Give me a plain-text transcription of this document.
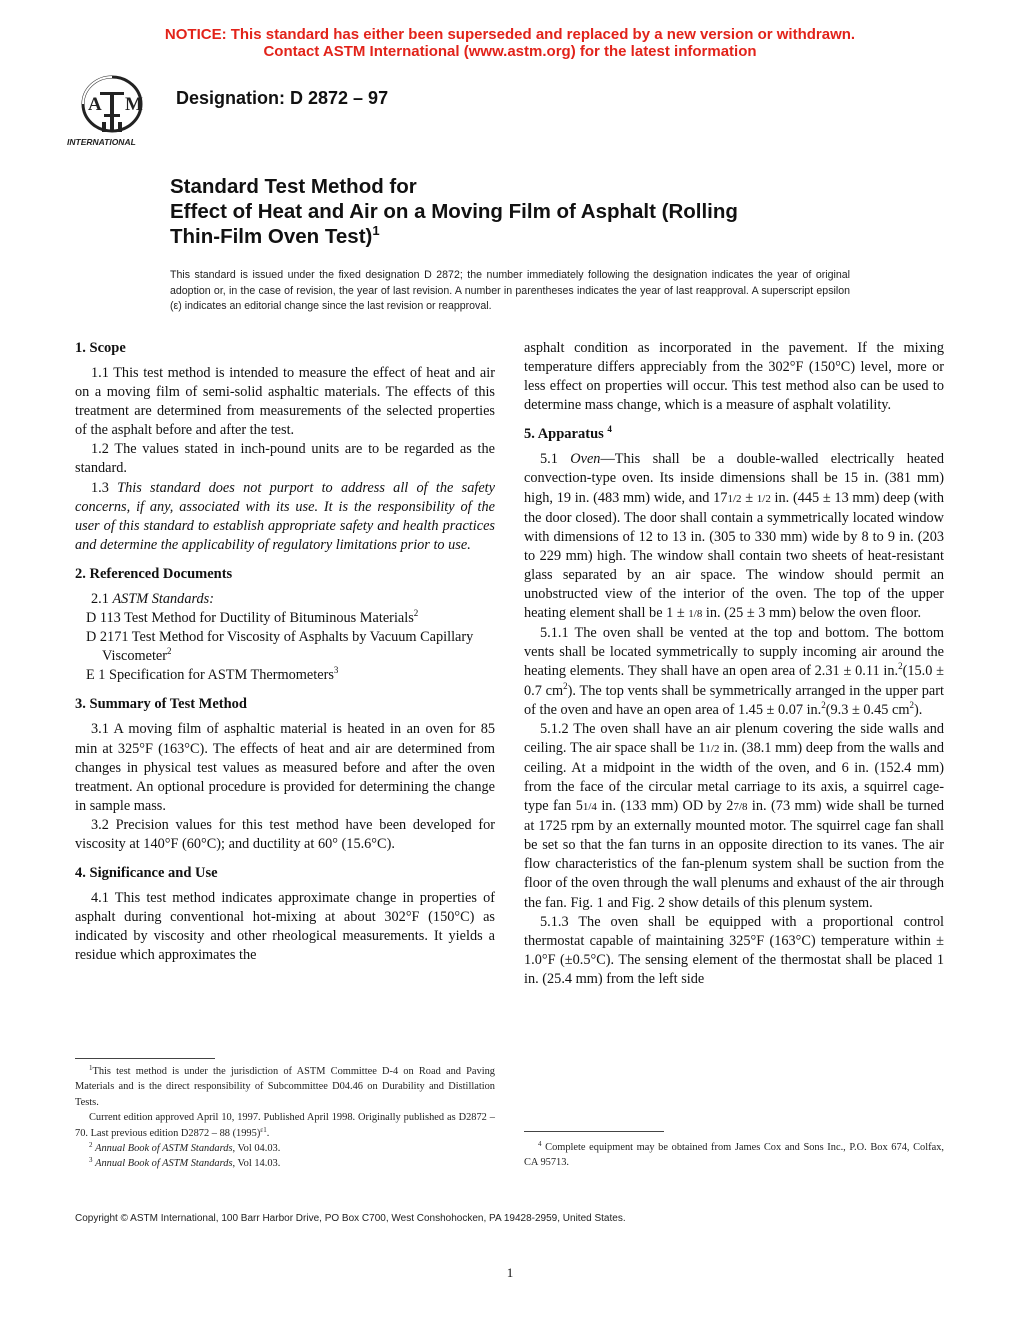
NOTICE: This standard has either been superseded and replaced by a new version or withdrawn.
Contact ASTM International (www.astm.org) for the latest information
A M
INTERNATIONAL
Designation: D 2872 – 97
Standard Test Method for
Effect of Heat and Air on a Moving Film of Asphalt (Rolling
Thin-Film Oven Test)$^1$
This standard is issued under the fixed designation D 2872; the number immediately following the designation indicates the year of original adoption or, in the case of revision, the year of last revision. A number in parentheses indicates the year of last reapproval. A superscript epsilon (ε) indicates an editorial change since the last revision or reapproval.
1. Scope

1.1 This test method is intended to measure the effect of heat and air on a moving film of semi-solid asphaltic materials. The effects of this treatment are determined from measurements of the selected properties of the asphalt before and after the test.

1.2 The values stated in inch-pound units are to be regarded as the standard.

1.3 This standard does not purport to address all of the safety concerns, if any, associated with its use. It is the responsibility of the user of this standard to establish appropriate safety and health practices and determine the applicability of regulatory limitations prior to use.

2. Referenced Documents

2.1 ASTM Standards:

D 113 Test Method for Ductility of Bituminous Materials$^2$

D 2171 Test Method for Viscosity of Asphalts by Vacuum Capillary Viscometer$^2$

E 1 Specification for ASTM Thermometers$^3$

3. Summary of Test Method

3.1 A moving film of asphaltic material is heated in an oven for 85 min at 325°F (163°C). The effects of heat and air are determined from changes in physical test values as measured before and after the oven treatment. An optional procedure is provided for determining the change in sample mass.

3.2 Precision values for this test method have been developed for viscosity at 140°F (60°C); and ductility at 60° (15.6°C).

4. Significance and Use

4.1 This test method indicates approximate change in properties of asphalt during conventional hot-mixing at about 302°F (150°C) as indicated by viscosity and other rheological measurements. It yields a residue which approximates the

asphalt condition as incorporated in the pavement. If the mixing temperature differs appreciably from the 302°F (150°C) level, more or less effect on properties will occur. This test method also can be used to determine mass change, which is a measure of asphalt volatility.

5. Apparatus $^4$

5.1 Oven—This shall be a double-walled electrically heated convection-type oven. Its inside dimensions shall be 15 in. (381 mm) high, 19 in. (483 mm) wide, and 171/2 ± 1/2 in. (445 ± 13 mm) deep (with the door closed). The door shall contain a symmetrically located window with dimensions of 12 to 13 in. (305 to 330 mm) wide by 8 to 9 in. (203 to 229 mm) high. The window shall contain two sheets of heat-resistant glass separated by an air space. The window should permit an unobstructed view of the interior of the oven. The top of the upper heating element shall be 1 ± 1/8 in. (25 ± 3 mm) below the oven floor.

5.1.1 The oven shall be vented at the top and bottom. The bottom vents shall be located symmetrically to supply incoming air around the heating elements. They shall have an open area of 2.31 ± 0.11 in.$^2$(15.0 ± 0.7 $cm^2$). The top vents shall be symmetrically arranged in the upper part of the oven and have an open area of 1.45 ± 0.07 in.$^2$(9.3 ± 0.45 $cm^2$).

5.1.2 The oven shall have an air plenum covering the side walls and ceiling. The air space shall be 11/2 in. (38.1 mm) deep from the walls and ceiling. At a midpoint in the width of the oven, and 6 in. (152.4 mm) from the face of the circular metal carriage to its axis, a squirrel cage-type fan 51/4 in. (133 mm) OD by 27/8 in. (73 mm) wide shall be turned at 1725 rpm by an externally mounted motor. The squirrel cage fan shall be set so that the fan turns in an opposite direction to its vanes. The air flow characteristics of the fan-plenum system shall be suction from the floor of the oven through the wall plenums and exhaust of the air through the fan. Fig. 1 and Fig. 2 show details of this plenum system.

5.1.3 The oven shall be equipped with a proportional control thermostat capable of maintaining 325°F (163°C) temperature within ± 1.0°F (±0.5°C). The sensing element of the thermostat shall be placed 1 in. (25.4 mm) from the left side

$^1$This test method is under the jurisdiction of ASTM Committee D-4 on Road and Paving Materials and is the direct responsibility of Subcommittee D04.46 on Durability and Distillation Tests.

Current edition approved April 10, 1997. Published April 1998. Originally published as D2872 – 70. Last previous edition D2872 – 88 $(1995)^{\varepsilon 1}$.

$^2$ Annual Book of ASTM Standards, Vol 04.03.

$^3$ Annual Book of ASTM Standards, Vol 14.03.

$^4$ Complete equipment may be obtained from James Cox and Sons Inc., P.O. Box 674, Colfax, CA 95713.

Copyright © ASTM International, 100 Barr Harbor Drive, PO Box C700, West Conshohocken, PA 19428-2959, United States.
1
